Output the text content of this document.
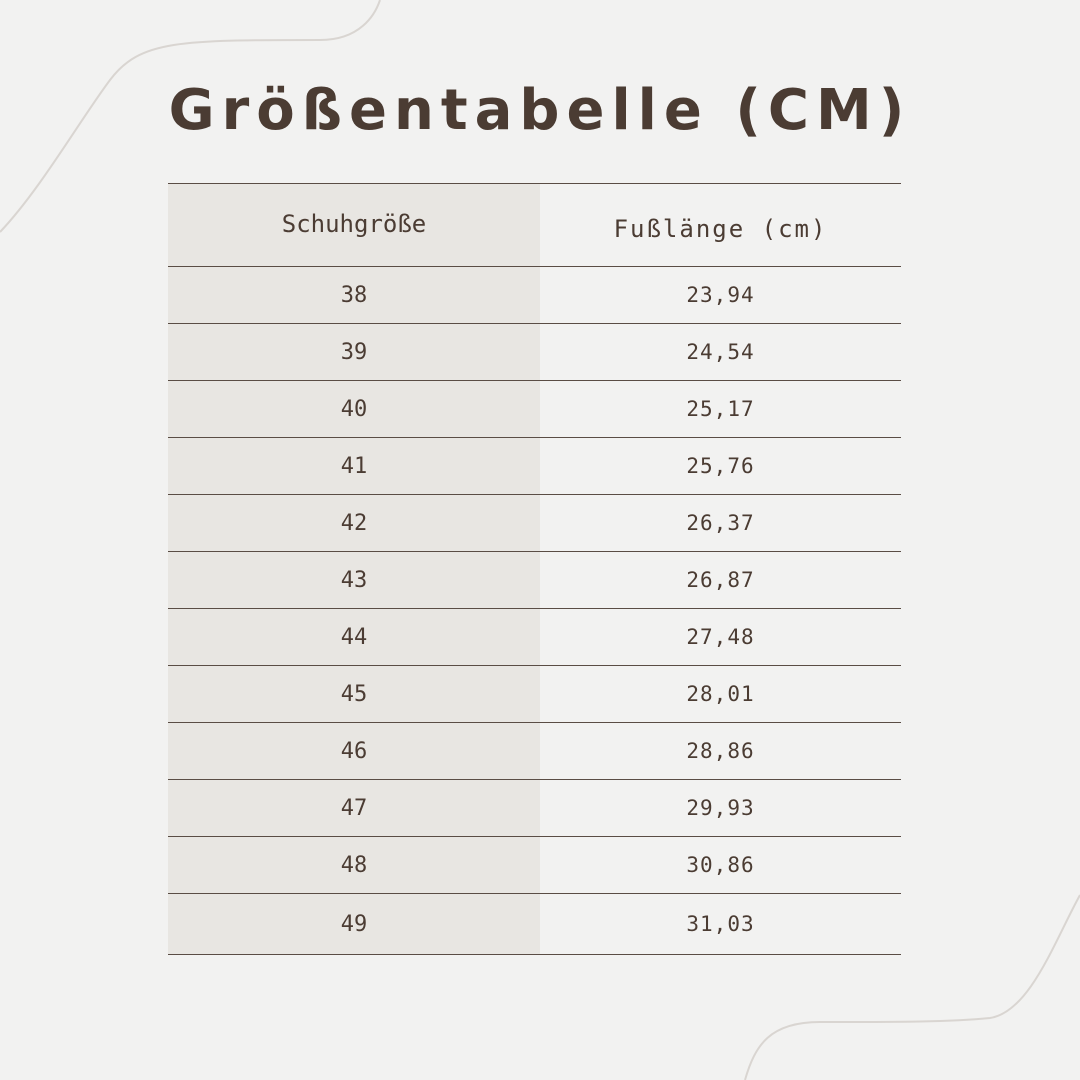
Größentabelle (CM)
Schuhgröße	Fußlänge (cm)
38	23,94
39	24,54
40	25,17
41	25,76
42	26,37
43	26,87
44	27,48
45	28,01
46	28,86
47	29,93
48	30,86
49	31,03
